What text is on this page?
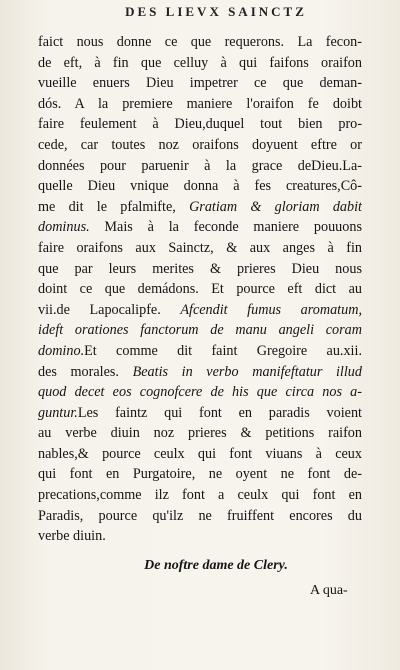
DES LIEVX SAINCTZ
faict nous donne ce que requerons. La fecon-
de eft, à fin que celluy à qui faifons oraifon
vueille enuers Dieu impetrer ce que deman-
dós. A la premiere maniere l'oraifon fe doibt
faire feulement à Dieu,duquel tout bien pro-
cede, car toutes noz oraifons doyuent eftre or
données pour paruenir à la grace deDieu.La-
quelle Dieu vnique donna à fes creatures,Cô-
me dit le pfalmifte, Gratiam & gloriam dabit
dominus. Mais à la feconde maniere pouuons
faire oraifons aux Sainctz, & aux anges à fin
que par leurs merites & prieres Dieu nous
doint ce que demádons. Et pource eft dict au
vii.de Lapocalipfe. Afcendit fumus aromatum,
ideft orationes fanctorum de manu angeli coram
domino.Et comme dit faint Gregoire au.xii.
des morales. Beatis in verbo manifeftatur illud
quod decet eos cognofcere de his que circa nos a-
guntur.Les faintz qui font en paradis voient
au verbe diuin noz prieres & petitions raifon
nables,& pource ceulx qui font viuans à ceux
qui font en Purgatoire, ne oyent ne font de-
precations,comme ilz font a ceulx qui font en
Paradis, pource qu'ilz ne fruiffent encores du
verbe diuin.
De noftre dame de Clery.
A qua-
